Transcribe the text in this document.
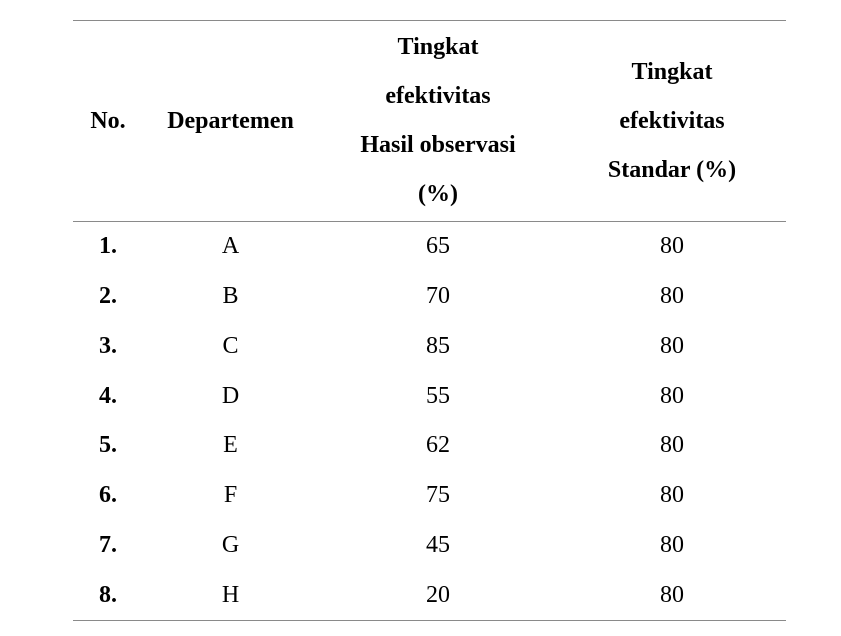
No.	Departemen	Tingkat
efektivitas
Hasil observasi
(%)	Tingkat
efektivitas
Standar (%)

1.	A	65	80
2.	B	70	80
3.	C	85	80
4.	D	55	80
5.	E	62	80
6.	F	75	80
7.	G	45	80
8.	H	20	80
